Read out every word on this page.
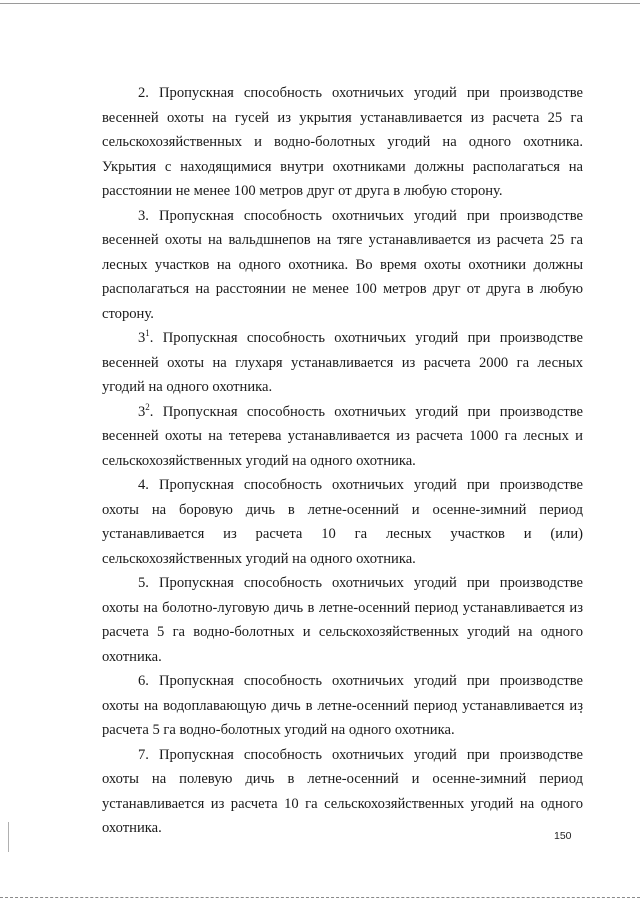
2. Пропускная способность охотничьих угодий при производстве весенней охоты на гусей из укрытия устанавливается из расчета 25 га сельскохозяйственных и водно-болотных угодий на одного охотника. Укрытия с находящимися внутри охотниками должны располагаться на расстоянии не менее 100 метров друг от друга в любую сторону.

3. Пропускная способность охотничьих угодий при производстве весенней охоты на вальдшнепов на тяге устанавливается из расчета 25 га лесных участков на одного охотника. Во время охоты охотники должны располагаться на расстоянии не менее 100 метров друг от друга в любую сторону.

$3^1$. Пропускная способность охотничьих угодий при производстве весенней охоты на глухаря устанавливается из расчета 2000 га лесных угодий на одного охотника.

$3^2$. Пропускная способность охотничьих угодий при производстве весенней охоты на тетерева устанавливается из расчета 1000 га лесных и сельскохозяйственных угодий на одного охотника.

4. Пропускная способность охотничьих угодий при производстве охоты на боровую дичь в летне-осенний и осенне-зимний период устанавливается из расчета 10 га лесных участков и (или) сельскохозяйственных угодий на одного охотника.

5. Пропускная способность охотничьих угодий при производстве охоты на болотно-луговую дичь в летне-осенний период устанавливается из расчета 5 га водно-болотных и сельскохозяйственных угодий на одного охотника.

6. Пропускная способность охотничьих угодий при производстве охоты на водоплавающую дичь в летне-осенний период устанавливается из расчета 5 га водно-болотных угодий на одного охотника.

7. Пропускная способность охотничьих угодий при производстве охоты на полевую дичь в летне-осенний и осенне-зимний период устанавливается из расчета 10 га сельскохозяйственных угодий на одного охотника.	150
